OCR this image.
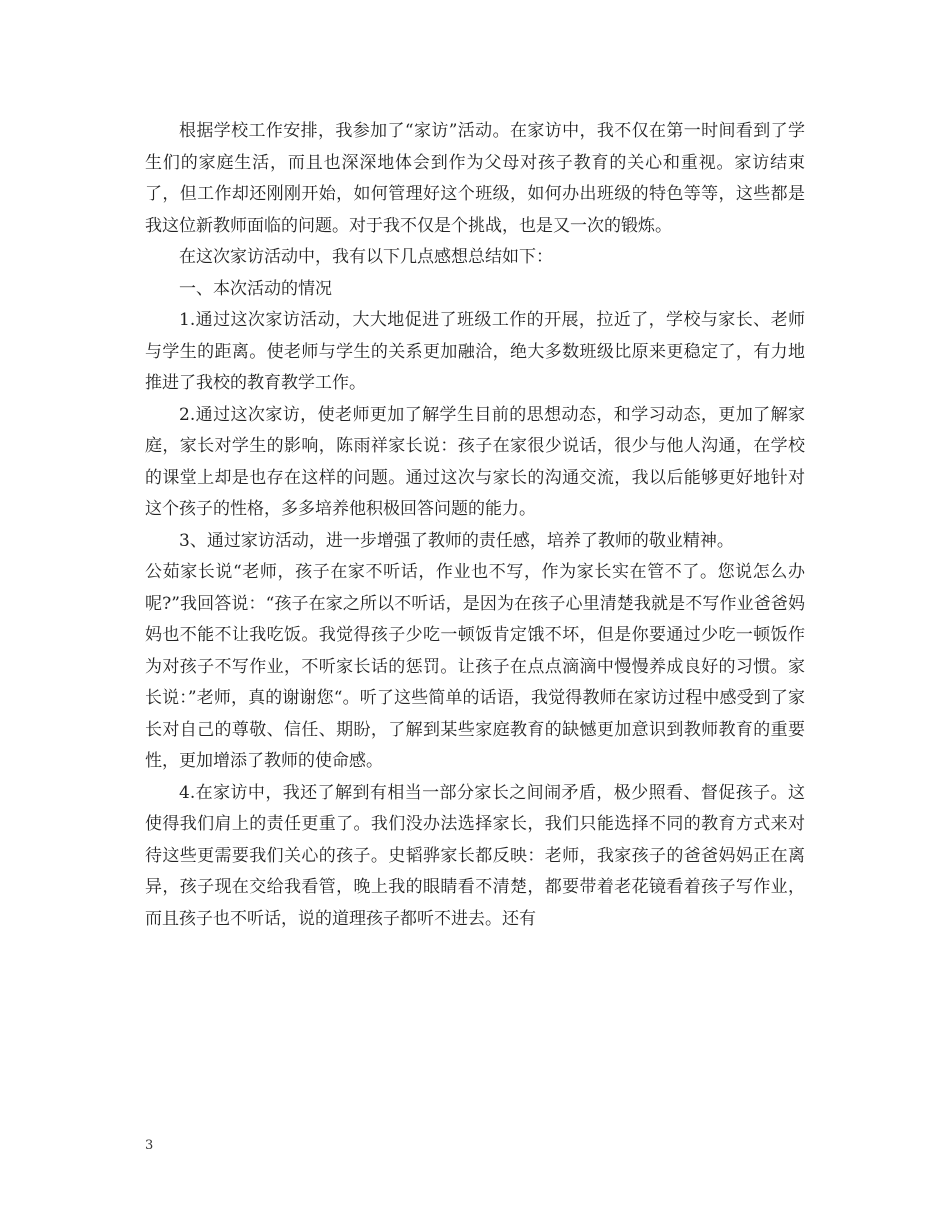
根据学校工作安排，我参加了“家访”活动。在家访中，我不仅在第一时间看到了学生们的家庭生活，而且也深深地体会到作为父母对孩子教育的关心和重视。家访结束了，但工作却还刚刚开始，如何管理好这个班级，如何办出班级的特色等等，这些都是我这位新教师面临的问题。对于我不仅是个挑战，也是又一次的锻炼。

在这次家访活动中，我有以下几点感想总结如下：

一、本次活动的情况

1.通过这次家访活动，大大地促进了班级工作的开展，拉近了，学校与家长、老师与学生的距离。使老师与学生的关系更加融洽，绝大多数班级比原来更稳定了，有力地推进了我校的教育教学工作。

2.通过这次家访，使老师更加了解学生目前的思想动态，和学习动态，更加了解家庭，家长对学生的影响，陈雨祥家长说：孩子在家很少说话，很少与他人沟通，在学校的课堂上却是也存在这样的问题。通过这次与家长的沟通交流，我以后能够更好地针对这个孩子的性格，多多培养他积极回答问题的能力。

3、通过家访活动，进一步增强了教师的责任感，培养了教师的敬业精神。

公茹家长说“老师，孩子在家不听话，作业也不写，作为家长实在管不了。您说怎么办呢?”我回答说：“孩子在家之所以不听话，是因为在孩子心里清楚我就是不写作业爸爸妈妈也不能不让我吃饭。我觉得孩子少吃一顿饭肯定饿不坏，但是你要通过少吃一顿饭作为对孩子不写作业，不听家长话的惩罚。让孩子在点点滴滴中慢慢养成良好的习惯。家长说：”老师，真的谢谢您“。听了这些简单的话语，我觉得教师在家访过程中感受到了家长对自己的尊敬、信任、期盼，了解到某些家庭教育的缺憾更加意识到教师教育的重要性，更加增添了教师的使命感。

4.在家访中，我还了解到有相当一部分家长之间闹矛盾，极少照看、督促孩子。这使得我们肩上的责任更重了。我们没办法选择家长，我们只能选择不同的教育方式来对待这些更需要我们关心的孩子。史韬骅家长都反映：老师，我家孩子的爸爸妈妈正在离异，孩子现在交给我看管，晚上我的眼睛看不清楚，都要带着老花镜看着孩子写作业，而且孩子也不听话，说的道理孩子都听不进去。还有

3
